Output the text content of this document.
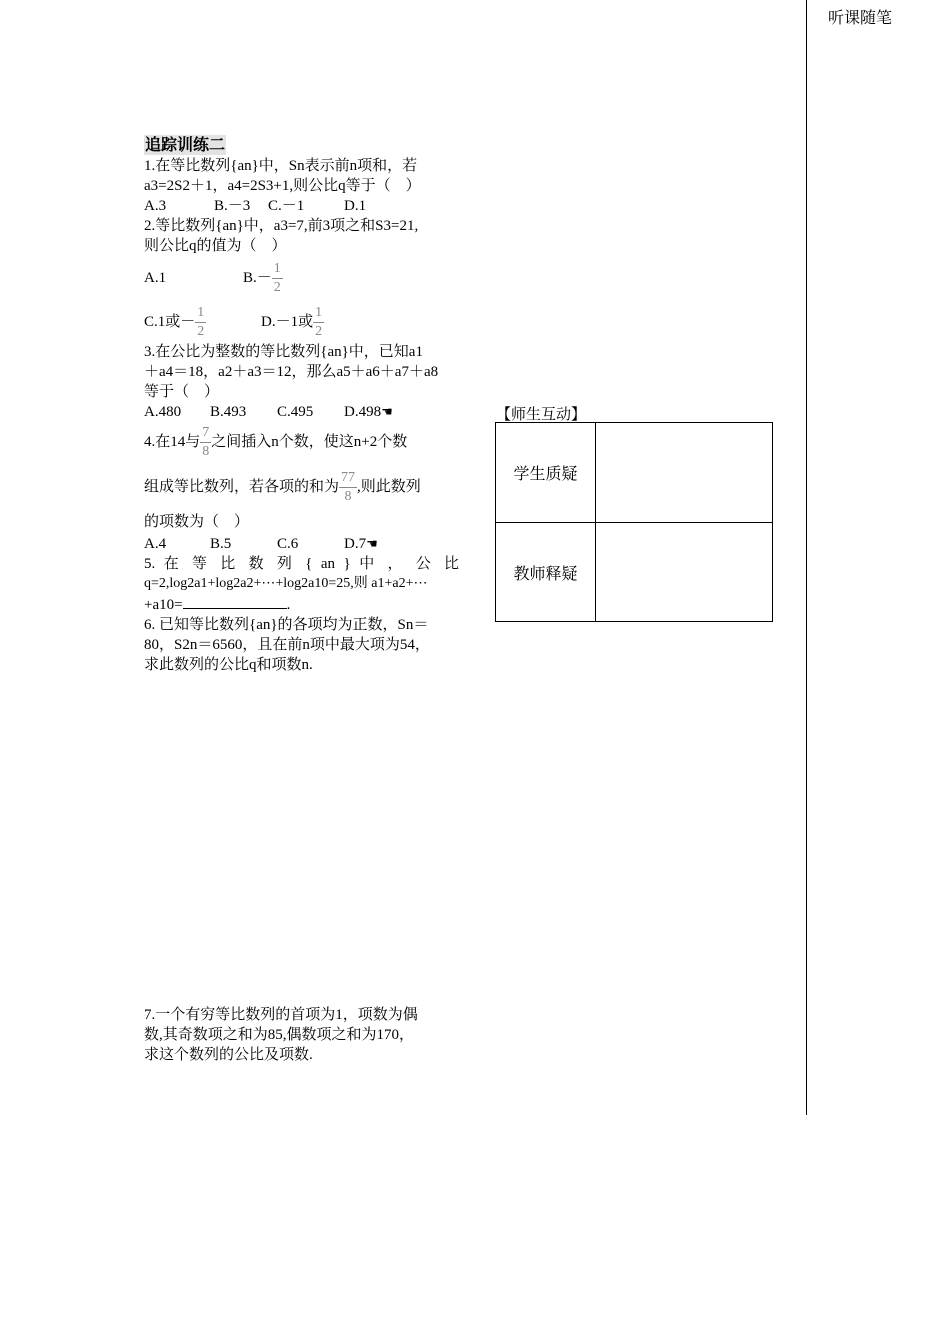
听课随笔
追踪训练二

1.在等比数列{an}中，Sn表示前n项和，若

a3=2S2＋1，a4=2S3+1,则公比q等于（　）

A.3	B.－3 C.－1	D.1

2.等比数列{an}中，a3=7,前3项之和S3=21,

则公比q的值为（　）

A.1	$B.- \frac{1}{2}$

C.1或－ $\frac{1}{2}$	D.－1或 $\frac{1}{2}$

3.在公比为整数的等比数列{an}中，已知a1

＋a4＝18，a2＋a3＝12，那么a5＋a6＋a7＋a8

等于（　）

A.480 B.493 C.495 D.498☚

4.在14与 $\frac{7}{8}$ 之间插入n个数，使这n+2个数

组成等比数列，若各项的和为 $\frac{77}{8}$ ,则此数列

的项数为（　）

A.4	B.5	C.6	D.7☚

5. 在 等 比 数 列 { an } 中 ， 公 比

q=2,log2a1+log2a2+⋯+log2a10=25,则 a1+a2+⋯

+a10=	.

6. 已知等比数列{an}的各项均为正数，Sn＝

80，S2n＝6560，且在前n项中最大项为54，

求此数列的公比q和项数n.

7.一个有穷等比数列的首项为1，项数为偶

数,其奇数项之和为85,偶数项之和为170，

求这个数列的公比及项数.

【师生互动】
学生质疑
教师释疑
